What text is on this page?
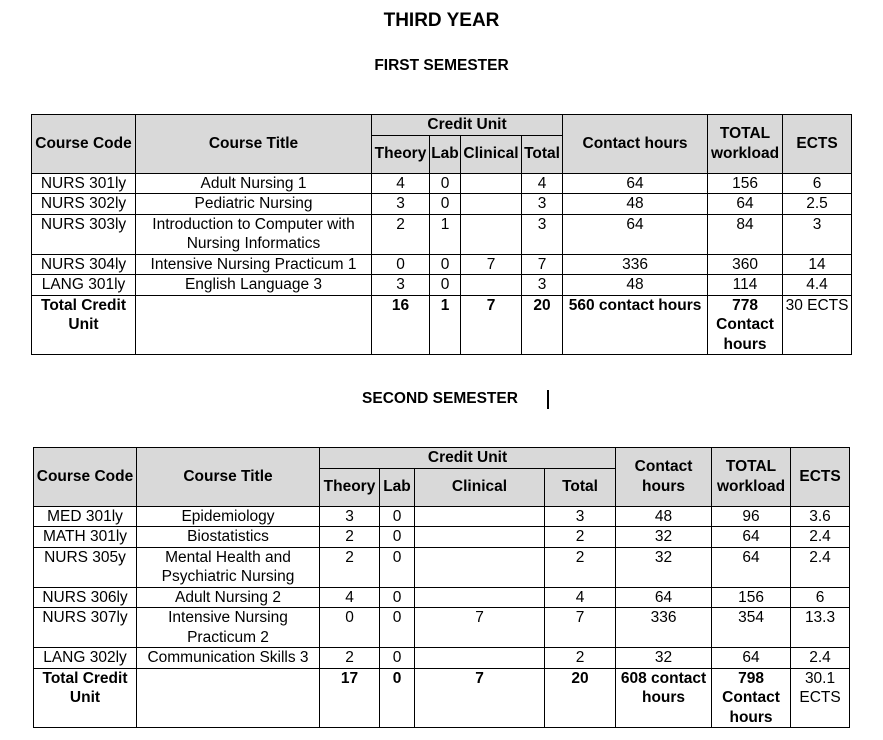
THIRD YEAR
FIRST SEMESTER
Course Code	Course Title	Credit Unit				Contact hours	TOTAL workload	ECTS
		Theory	Lab	Clinical	Total			
NURS 301ly	Adult Nursing 1	4	0		4	64	156	6
NURS 302ly	Pediatric Nursing	3	0		3	48	64	2.5
NURS 303ly	Introduction to Computer with Nursing Informatics	2	1		3	64	84	3
NURS 304ly	Intensive Nursing Practicum 1	0	0	7	7	336	360	14
LANG 301ly	English Language 3	3	0		3	48	114	4.4
Total Credit Unit		16	1	7	20	560 contact hours	778 Contact hours	30 ECTS
SECOND SEMESTER
Course Code	Course Title	Credit Unit				Contact hours	TOTAL workload	ECTS
		Theory	Lab	Clinical	Total			
MED 301ly	Epidemiology	3	0		3	48	96	3.6
MATH 301ly	Biostatistics	2	0		2	32	64	2.4
NURS 305y	Mental Health and Psychiatric Nursing	2	0		2	32	64	2.4
NURS 306ly	Adult Nursing 2	4	0		4	64	156	6
NURS 307ly	Intensive Nursing Practicum 2	0	0	7	7	336	354	13.3
LANG 302ly	Communication Skills 3	2	0		2	32	64	2.4
Total Credit Unit		17	0	7	20	608 contact hours	798 Contact hours	30.1 ECTS
